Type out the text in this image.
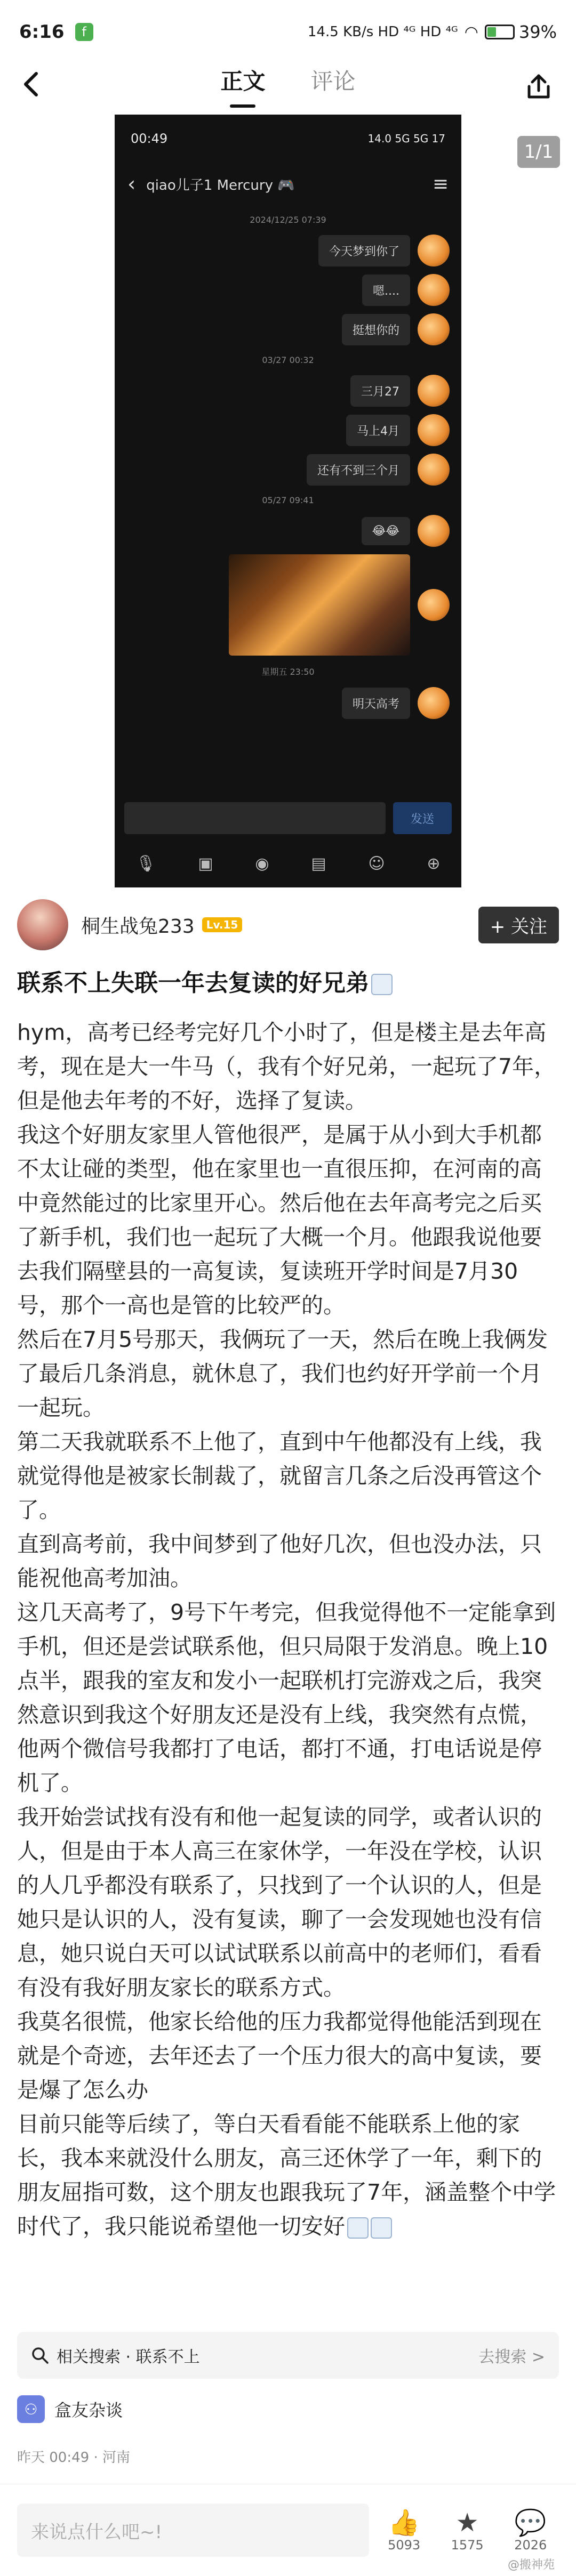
6:16	f	14.5 KB/s HD ⁴ᴳ HD ⁴ᴳ ◠ 39%
正文 评论
00:49	14.0 5G 5G 17
‹ qiao儿子1 Mercury 🎮	≡
2024/12/25 07:39
今天梦到你了
嗯....
挺想你的
03/27 00:32
三月27
马上4月
还有不到三个月
05/27 09:41
😂😂
星期五 23:50
明天高考
发送
🎙	▣	◉	▤	☺	⊕
1/1
桐生战兔233	Lv.15	+ 关注
联系不上失联一年去复读的好兄弟

hym，高考已经考完好几个小时了，但是楼主是去年高考，现在是大一牛马（，我有个好兄弟，一起玩了7年，但是他去年考的不好，选择了复读。

我这个好朋友家里人管他很严，是属于从小到大手机都不太让碰的类型，他在家里也一直很压抑，在河南的高中竟然能过的比家里开心。然后他在去年高考完之后买了新手机，我们也一起玩了大概一个月。他跟我说他要去我们隔壁县的一高复读，复读班开学时间是7月30号，那个一高也是管的比较严的。

然后在7月5号那天，我俩玩了一天，然后在晚上我俩发了最后几条消息，就休息了，我们也约好开学前一个月一起玩。

第二天我就联系不上他了，直到中午他都没有上线，我就觉得他是被家长制裁了，就留言几条之后没再管这个了。

直到高考前，我中间梦到了他好几次，但也没办法，只能祝他高考加油。

这几天高考了，9号下午考完，但我觉得他不一定能拿到手机，但还是尝试联系他，但只局限于发消息。晚上10点半，跟我的室友和发小一起联机打完游戏之后，我突然意识到我这个好朋友还是没有上线，我突然有点慌，他两个微信号我都打了电话，都打不通，打电话说是停机了。

我开始尝试找有没有和他一起复读的同学，或者认识的人，但是由于本人高三在家休学，一年没在学校，认识的人几乎都没有联系了，只找到了一个认识的人，但是她只是认识的人，没有复读，聊了一会发现她也没有信息，她只说白天可以试试联系以前高中的老师们，看看有没有我好朋友家长的联系方式。

我莫名很慌，他家长给他的压力我都觉得他能活到现在就是个奇迹，去年还去了一个压力很大的高中复读，要是爆了怎么办

目前只能等后续了，等白天看看能不能联系上他的家长，我本来就没什么朋友，高三还休学了一年，剩下的朋友屈指可数，这个朋友也跟我玩了7年，涵盖整个中学时代了，我只能说希望他一切安好

相关搜索 · 联系不上	去搜索 >
⚇ 盒友杂谈
昨天 00:49 · 河南
来说点什么吧~!	👍
5093
★
1575
💬
2026
@搬神苑
